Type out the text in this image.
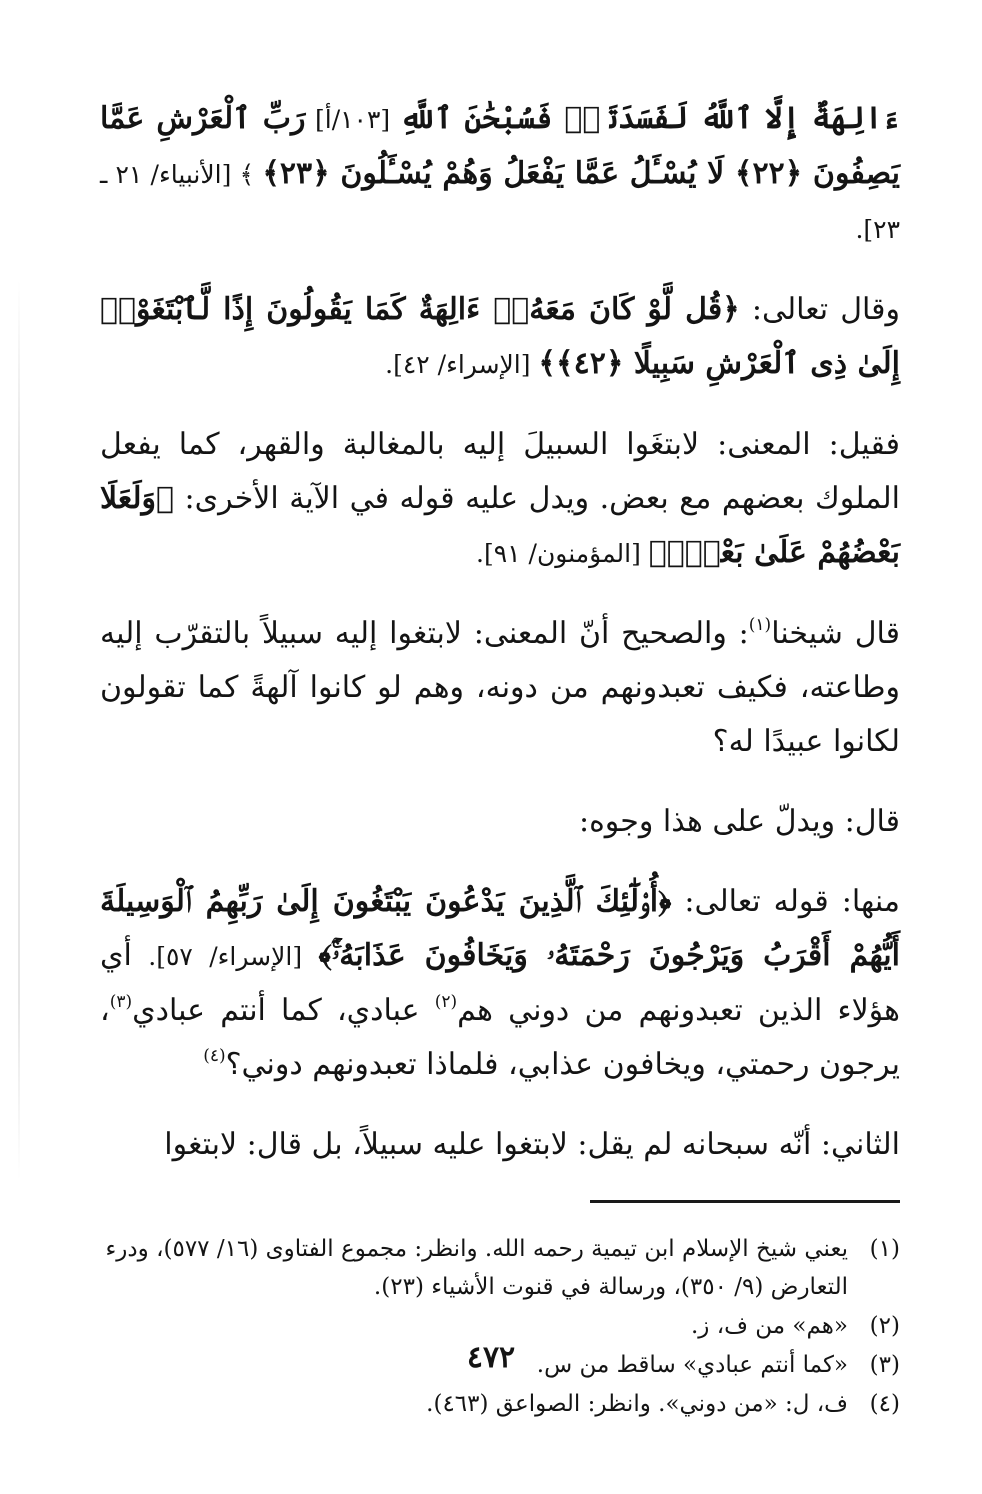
ءَالِهَةٌ إِلَّا ٱللَّهُ لَفَسَدَتَاۚ فَسُبْحَٰنَ ٱللَّهِ [١٠٣/أ] رَبِّ ٱلْعَرْشِ عَمَّا يَصِفُونَ ﴿٢٢﴾ لَا يُسْـَٔلُ عَمَّا يَفْعَلُ وَهُمْ يُسْـَٔلُونَ ﴿٢٣﴾ ﴾ [الأنبياء/ ٢١ ـ ٢٣].

وقال تعالى: ﴿قُل لَّوْ كَانَ مَعَهُۥٓ ءَالِهَةٌ كَمَا يَقُولُونَ إِذًا لَّٱبْتَغَوْا۟ إِلَىٰ ذِى ٱلْعَرْشِ سَبِيلًا ﴿٤٢﴾﴾ [الإسراء/ ٤٢].

فقيل: المعنى: لابتغَوا السبيلَ إليه بالمغالبة والقهر، كما يفعل الملوك بعضهم مع بعض. ويدل عليه قوله في الآية الأخرى: ﴿وَلَعَلَا بَعْضُهُمْ عَلَىٰ بَعْضٍۚ﴾ [المؤمنون/ ٩١].

قال شيخنا$^{(١)}$: والصحيح أنّ المعنى: لابتغوا إليه سبيلاً بالتقرّب إليه وطاعته، فكيف تعبدونهم من دونه، وهم لو كانوا آلهةً كما تقولون لكانوا عبيدًا له؟

قال: ويدلّ على هذا وجوه:

منها: قوله تعالى: ﴿أُو۟لَٰٓئِكَ ٱلَّذِينَ يَدْعُونَ يَبْتَغُونَ إِلَىٰ رَبِّهِمُ ٱلْوَسِيلَةَ أَيُّهُمْ أَقْرَبُ وَيَرْجُونَ رَحْمَتَهُۥ وَيَخَافُونَ عَذَابَهُۥٓۚ﴾ [الإسراء/ ٥٧]. أي هؤلاء الذين تعبدونهم من دوني هم$^{(٢)}$ عبادي، كما أنتم عبادي$^{(٣)}$، يرجون رحمتي، ويخافون عذابي، فلماذا تعبدونهم دوني؟$^{(٤)}$

الثاني: أنّه سبحانه لم يقل: لابتغوا عليه سبيلاً، بل قال: لابتغوا

(١)
يعني شيخ الإسلام ابن تيمية رحمه الله. وانظر: مجموع الفتاوى (١٦/ ٥٧٧)، ودرء التعارض (٩/ ٣٥٠)، ورسالة في قنوت الأشياء (٢٣).
(٢)
«هم» من ف، ز.
(٣)
«كما أنتم عبادي» ساقط من س.
(٤)
ف، ل: «من دوني». وانظر: الصواعق (٤٦٣).
٤٧٢
